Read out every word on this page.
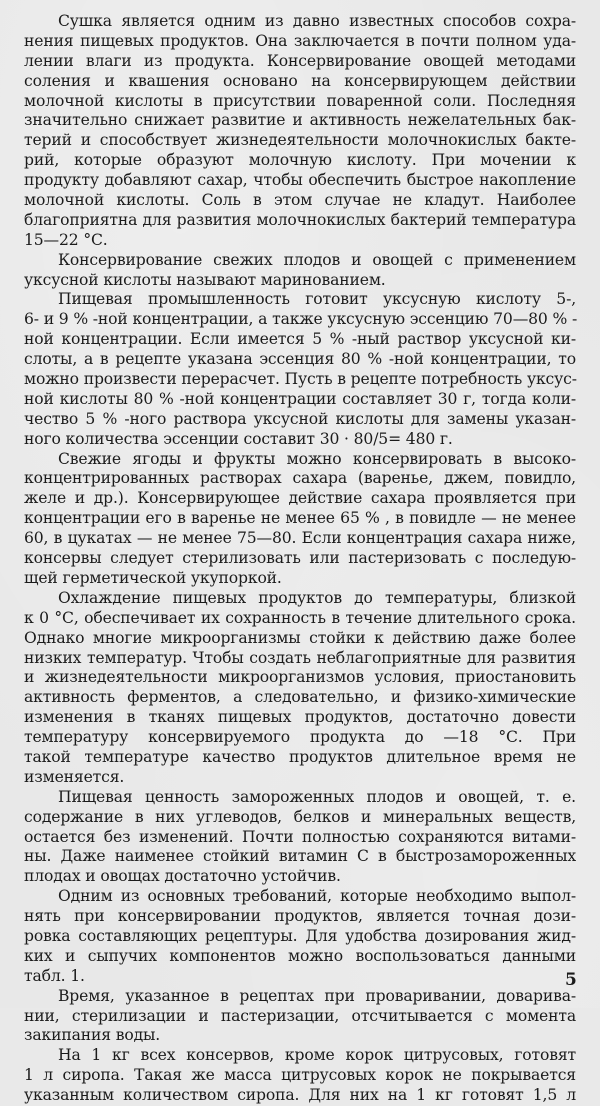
Сушка является одним из давно известных способов сохра-
нения пищевых продуктов. Она заключается в почти полном уда-
лении влаги из продукта. Консервирование овощей методами
соления и квашения основано на консервирующем действии
молочной кислоты в присутствии поваренной соли. Последняя
значительно снижает развитие и активность нежелательных бак-
терий и способствует жизнедеятельности молочнокислых бакте-
рий, которые образуют молочную кислоту. При мочении к
продукту добавляют сахар, чтобы обеспечить быстрое накопление
молочной кислоты. Соль в этом случае не кладут. Наиболее
благоприятна для развития молочнокислых бактерий температура
15—22 °С.
Консервирование свежих плодов и овощей с применением
уксусной кислоты называют маринованием.
Пищевая промышленность готовит уксусную кислоту 5-,
6- и 9 % -ной концентрации, а также уксусную эссенцию 70—80 % -
ной концентрации. Если имеется 5 % -ный раствор уксусной ки-
слоты, а в рецепте указана эссенция 80 % -ной концентрации, то
можно произвести перерасчет. Пусть в рецепте потребность уксус-
ной кислоты 80 % -ной концентрации составляет 30 г, тогда коли-
чество 5 % -ного раствора уксусной кислоты для замены указан-
ного количества эссенции составит 30 · 80/5= 480 г.
Свежие ягоды и фрукты можно консервировать в высоко-
концентрированных растворах сахара (варенье, джем, повидло,
желе и др.). Консервирующее действие сахара проявляется при
концентрации его в варенье не менее 65 % , в повидле — не менее
60, в цукатах — не менее 75—80. Если концентрация сахара ниже,
консервы следует стерилизовать или пастеризовать с последую-
щей герметической укупоркой.
Охлаждение пищевых продуктов до температуры, близкой
к 0 °С, обеспечивает их сохранность в течение длительного срока.
Однако многие микроорганизмы стойки к действию даже более
низких температур. Чтобы создать неблагоприятные для развития
и жизнедеятельности микроорганизмов условия, приостановить
активность ферментов, а следовательно, и физико-химические
изменения в тканях пищевых продуктов, достаточно довести
температуру консервируемого продукта до —18 °С. При
такой температуре качество продуктов длительное время не
изменяется.
Пищевая ценность замороженных плодов и овощей, т. е.
содержание в них углеводов, белков и минеральных веществ,
остается без изменений. Почти полностью сохраняются витами-
ны. Даже наименее стойкий витамин С в быстрозамороженных
плодах и овощах достаточно устойчив.
Одним из основных требований, которые необходимо выпол-
нять при консервировании продуктов, является точная дози-
ровка составляющих рецептуры. Для удобства дозирования жид-
ких и сыпучих компонентов можно воспользоваться данными
табл. 1.
Время, указанное в рецептах при проваривании, доварива-
нии, стерилизации и пастеризации, отсчитывается с момента
закипания воды.
На 1 кг всех консервов, кроме корок цитрусовых, готовят
1 л сиропа. Такая же масса цитрусовых корок не покрывается
указанным количеством сиропа. Для них на 1 кг готовят 1,5 л
5
